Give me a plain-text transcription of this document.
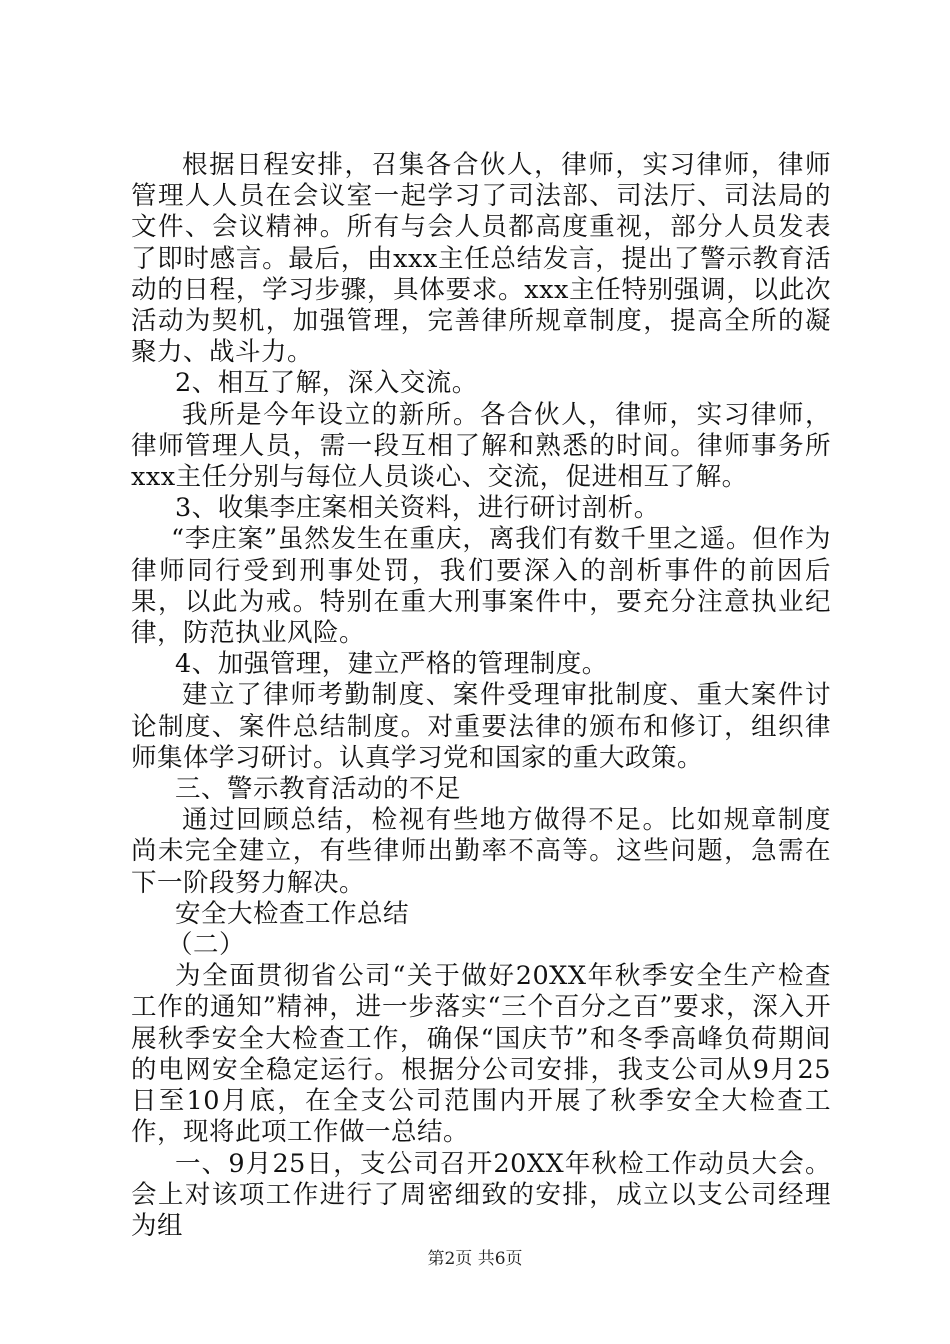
根据日程安排，召集各合伙人，律师，实习律师，律师管理人人员在会议室一起学习了司法部、司法厅、司法局的文件、会议精神。所有与会人员都高度重视，部分人员发表了即时感言。最后，由xxx主任总结发言，提出了警示教育活动的日程，学习步骤，具体要求。xxx主任特别强调，以此次活动为契机，加强管理，完善律所规章制度，提高全所的凝聚力、战斗力。

2、相互了解，深入交流。

我所是今年设立的新所。各合伙人，律师，实习律师，律师管理人员，需一段互相了解和熟悉的时间。律师事务所xxx主任分别与每位人员谈心、交流，促进相互了解。

3、收集李庄案相关资料，进行研讨剖析。

“李庄案”虽然发生在重庆，离我们有数千里之遥。但作为律师同行受到刑事处罚，我们要深入的剖析事件的前因后果，以此为戒。特别在重大刑事案件中，要充分注意执业纪律，防范执业风险。

4、加强管理，建立严格的管理制度。

建立了律师考勤制度、案件受理审批制度、重大案件讨论制度、案件总结制度。对重要法律的颁布和修订，组织律师集体学习研讨。认真学习党和国家的重大政策。

三、警示教育活动的不足

通过回顾总结，检视有些地方做得不足。比如规章制度尚未完全建立，有些律师出勤率不高等。这些问题，急需在下一阶段努力解决。

安全大检查工作总结

（二）

为全面贯彻省公司“关于做好20XX年秋季安全生产检查工作的通知”精神，进一步落实“三个百分之百”要求，深入开展秋季安全大检查工作，确保“国庆节”和冬季高峰负荷期间的电网安全稳定运行。根据分公司安排，我支公司从9月25日至10月底，在全支公司范围内开展了秋季安全大检查工作，现将此项工作做一总结。

一、9月25日，支公司召开20XX年秋检工作动员大会。会上对该项工作进行了周密细致的安排，成立以支公司经理为组

第2页 共6页
